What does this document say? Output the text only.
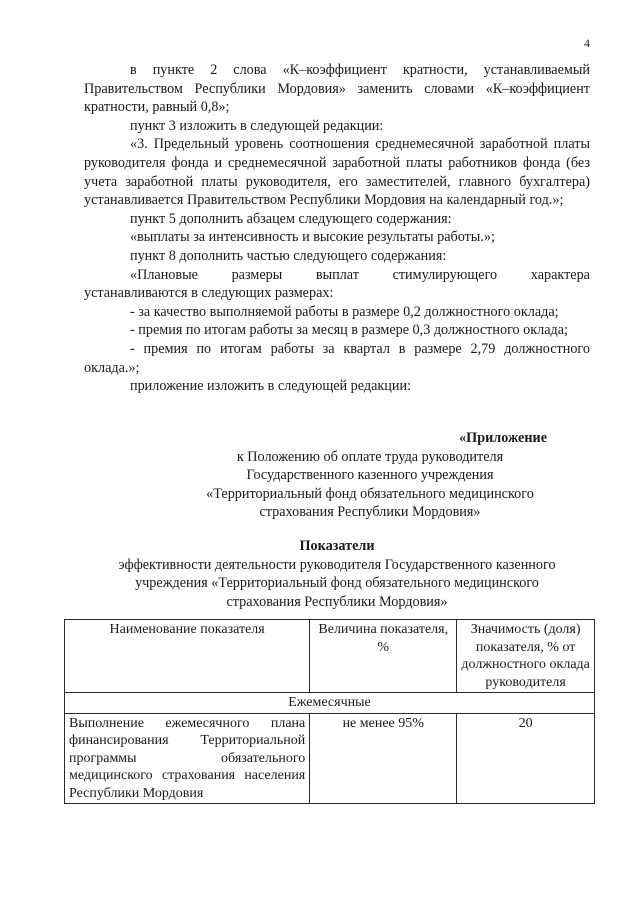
4

в пункте 2 слова «К–коэффициент кратности, устанавливаемый Правительством Республики Мордовия» заменить словами «К–коэффициент кратности, равный 0,8»;

пункт 3 изложить в следующей редакции:

«3. Предельный уровень соотношения среднемесячной заработной платы руководителя фонда и среднемесячной заработной платы работников фонда (без учета заработной платы руководителя, его заместителей, главного бухгалтера) устанавливается Правительством Республики Мордовия на календарный год.»;

пункт 5 дополнить абзацем следующего содержания:

«выплаты за интенсивность и высокие результаты работы.»;

пункт 8 дополнить частью следующего содержания:

«Плановые размеры выплат стимулирующего характера

устанавливаются в следующих размерах:

- за качество выполняемой работы в размере 0,2 должностного оклада;

- премия по итогам работы за месяц в размере 0,3 должностного оклада;

- премия по итогам работы за квартал в размере 2,79 должностного оклада.»;

приложение изложить в следующей редакции:

«Приложение
к Положению об оплате труда руководителя
Государственного казенного учреждения
«Территориальный фонд обязательного медицинского
страхования Республики Мордовия»
Показатели
эффективности деятельности руководителя Государственного казенного
учреждения «Территориальный фонд обязательного медицинского
страхования Республики Мордовия»
Наименование показателя	Величина показателя, %	Значимость (доля) показателя, % от должностного оклада руководителя
Ежемесячные		
Выполнение ежемесячного плана финансирования Территориальной программы обязательного медицинского страхования населения Республики Мордовия	не менее 95%	20
